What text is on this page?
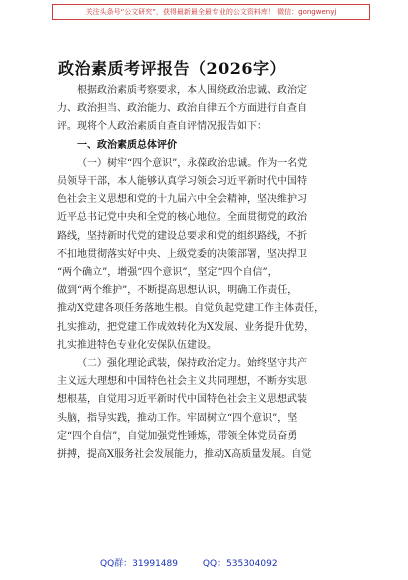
关注头条号“公文研究”，获得最新最全最专业的公文资料库！ 微信：gongwenyj
政治素质考评报告（2026字）

根据政治素质考察要求，本人围绕政治忠诚、政治定
力、政治担当、政治能力、政治自律五个方面进行自查自
评。现将个人政治素质自查自评情况报告如下：

一、政治素质总体评价

（一）树牢“四个意识”，永葆政治忠诚。作为一名党
员领导干部，本人能够认真学习领会习近平新时代中国特
色社会主义思想和党的十九届六中全会精神，坚决维护习
近平总书记党中央和全党的核心地位。全面贯彻党的政治
路线，坚持新时代党的建设总要求和党的组织路线，不折
不扣地贯彻落实好中央、上级党委的决策部署，坚决捍卫
“两个确立”，增强“四个意识”，坚定“四个自信”，
做到“两个维护”，不断提高思想认识，明确工作责任，
推动X党建各项任务落地生根。自觉负起党建工作主体责任，
扎实推动，把党建工作成效转化为X发展、业务提升优势，
扎实推进特色专业化安保队伍建设。

（二）强化理论武装，保持政治定力。始终坚守共产
主义远大理想和中国特色社会主义共同理想，不断夯实思
想根基，自觉用习近平新时代中国特色社会主义思想武装
头脑，指导实践，推动工作。牢固树立“四个意识”，坚
定“四个自信”，自觉加强党性锤炼，带领全体党员奋勇
拼搏，提高X服务社会发展能力，推动X高质量发展。自觉

QQ群：31991489	QQ：535304092
